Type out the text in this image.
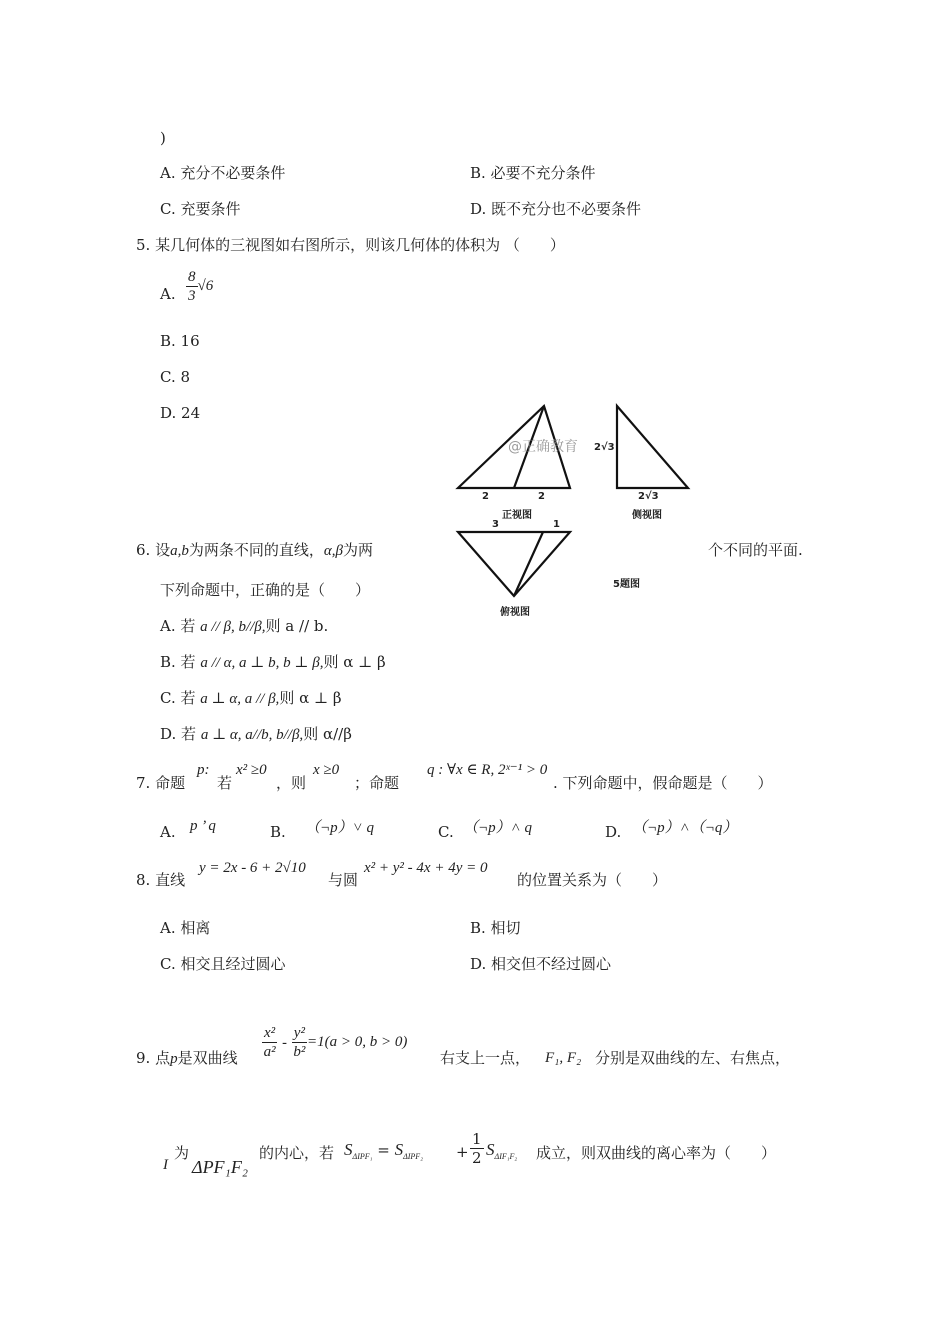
)
A. 充分不必要条件	B. 必要不充分条件
C. 充要条件	D. 既不充分也不必要条件
5. 某几何体的三视图如右图所示，则该几何体的体积为 （　　）
A. $\frac{8}{3} √6$
B. 16
C. 8
D. 24
@正确教育
2	2
正视图
2√3
2√3
侧视图
3	1
俯视图
5题图
6. 设a,b为两条不同的直线，α,β为两	个不同的平面.
下列命题中，正确的是（　　）
A. 若 a // β, b//β,则 a // b.
B. 若 a // α, a ⊥ b, b ⊥ β,则 α ⊥ β
C. 若 a ⊥ α, a // β,则 α ⊥ β
D. 若 a ⊥ α, a//b, b//β,则 α//β
7. 命题
p:
若
x² ≥0
，则
x ≥0
；命题
q : ∀x ∈ R, 2ˣ⁻¹ > 0
. 下列命题中，假命题是（　　）
A. p ’ q	B. （¬p）˅ q	C. （¬p）˄ q	D. （¬p）˄（¬q）
8. 直线
y = 2x - 6 + 2√10
与圆
x² + y² - 4x + 4y = 0
的位置关系为（　　）
A. 相离	B. 相切
C. 相交且经过圆心	D. 相交但不经过圆心
9. 点p是双曲线 $\frac{\text{x²}}{\text{a²}} - \frac{\text{y²}}{\text{b²}} =1(a > 0$, b > 0)
右支上一点， F₁, F₂ 分别是双曲线的左、右焦点，
I
为
ΔPF₁F₂
的内心，若 $S_{\Delta IPF_1} = S_{\Delta IPF_2} + \frac{1}{2} S_{\Delta IF_1F_2}$ 成立，则双曲线的离心率为（　　）
